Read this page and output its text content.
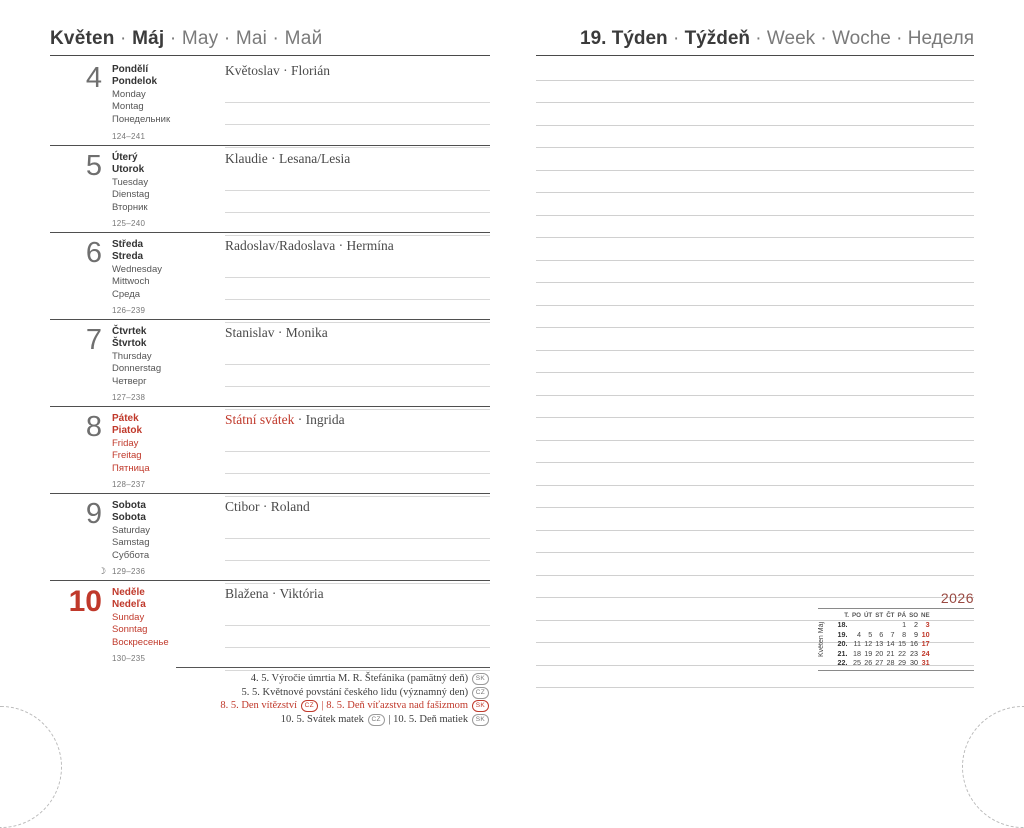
Květen · Máj · May · Mai · Май	19. Týden · Týždeň · Week · Woche · Неделя
4 Pondělí
Pondelok
Monday
Montag
Понедельник
124–241
Květoslav · Florián
5 Úterý
Utorok
Tuesday
Dienstag
Вторник
125–240
Klaudie · Lesana/Lesia
6 Středa
Streda
Wednesday
Mittwoch
Среда
126–239
Radoslav/Radoslava · Hermína
7 Čtvrtek
Štvrtok
Thursday
Donnerstag
Четверг
127–238
Stanislav · Monika
8 Pátek
Piatok
Friday
Freitag
Пятница
128–237
Státní svátek · Ingrida
9 Sobota
Sobota
Saturday
Samstag
Суббота
☽ 129–236
Ctibor · Roland
10 Neděle
Nedeľa
Sunday
Sonntag
Воскресенье
130–235
Blažena · Viktória
4. 5. Výročie úmrtia M. R. Štefánika (pamätný deň) SK
5. 5. Květnové povstání českého lidu (významný den) CZ
8. 5. Den vítězství CZ | 8. 5. Deň víťazstva nad fašizmom SK
10. 5. Svátek matek CZ | 10. 5. Deň matiek SK
2026
Květen Máj
T.	PO	ÚT	ST	ČT	PÁ	SO	NE
18.					1	2	3
19.	4	5	6	7	8	9	10
20.	11	12	13	14	15	16	17
21.	18	19	20	21	22	23	24
22.	25	26	27	28	29	30	31
